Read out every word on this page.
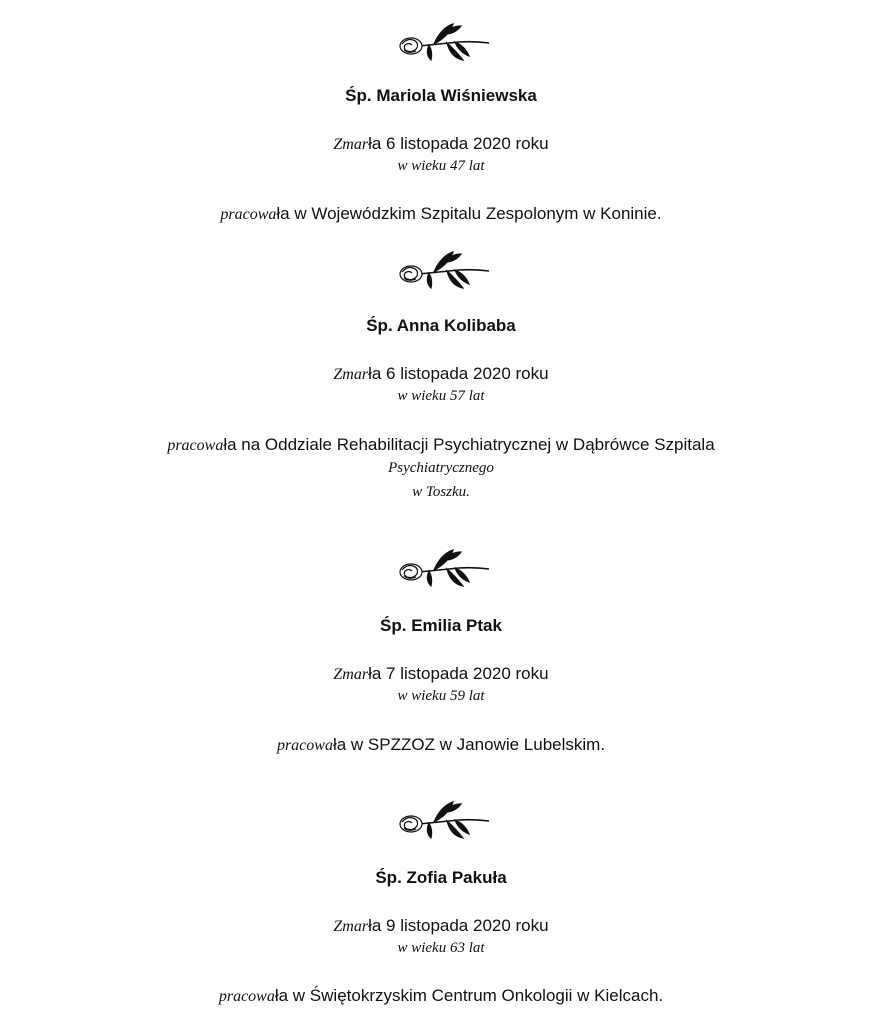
Śp. Mariola Wiśniewska
Zmarła 6 listopada 2020 roku
w wieku 47 lat
pracowała w Wojewódzkim Szpitalu Zespolonym w Koninie.
Śp. Anna Kolibaba
Zmarła 6 listopada 2020 roku
w wieku 57 lat
pracowała na Oddziale Rehabilitacji Psychiatrycznej w Dąbrówce Szpitala
Psychiatrycznego
w Toszku.
Śp. Emilia Ptak
Zmarła 7 listopada 2020 roku
w wieku 59 lat
pracowała w SPZZOZ w Janowie Lubelskim.
Śp. Zofia Pakuła
Zmarła 9 listopada 2020 roku
w wieku 63 lat
pracowała w Świętokrzyskim Centrum Onkologii w Kielcach.
